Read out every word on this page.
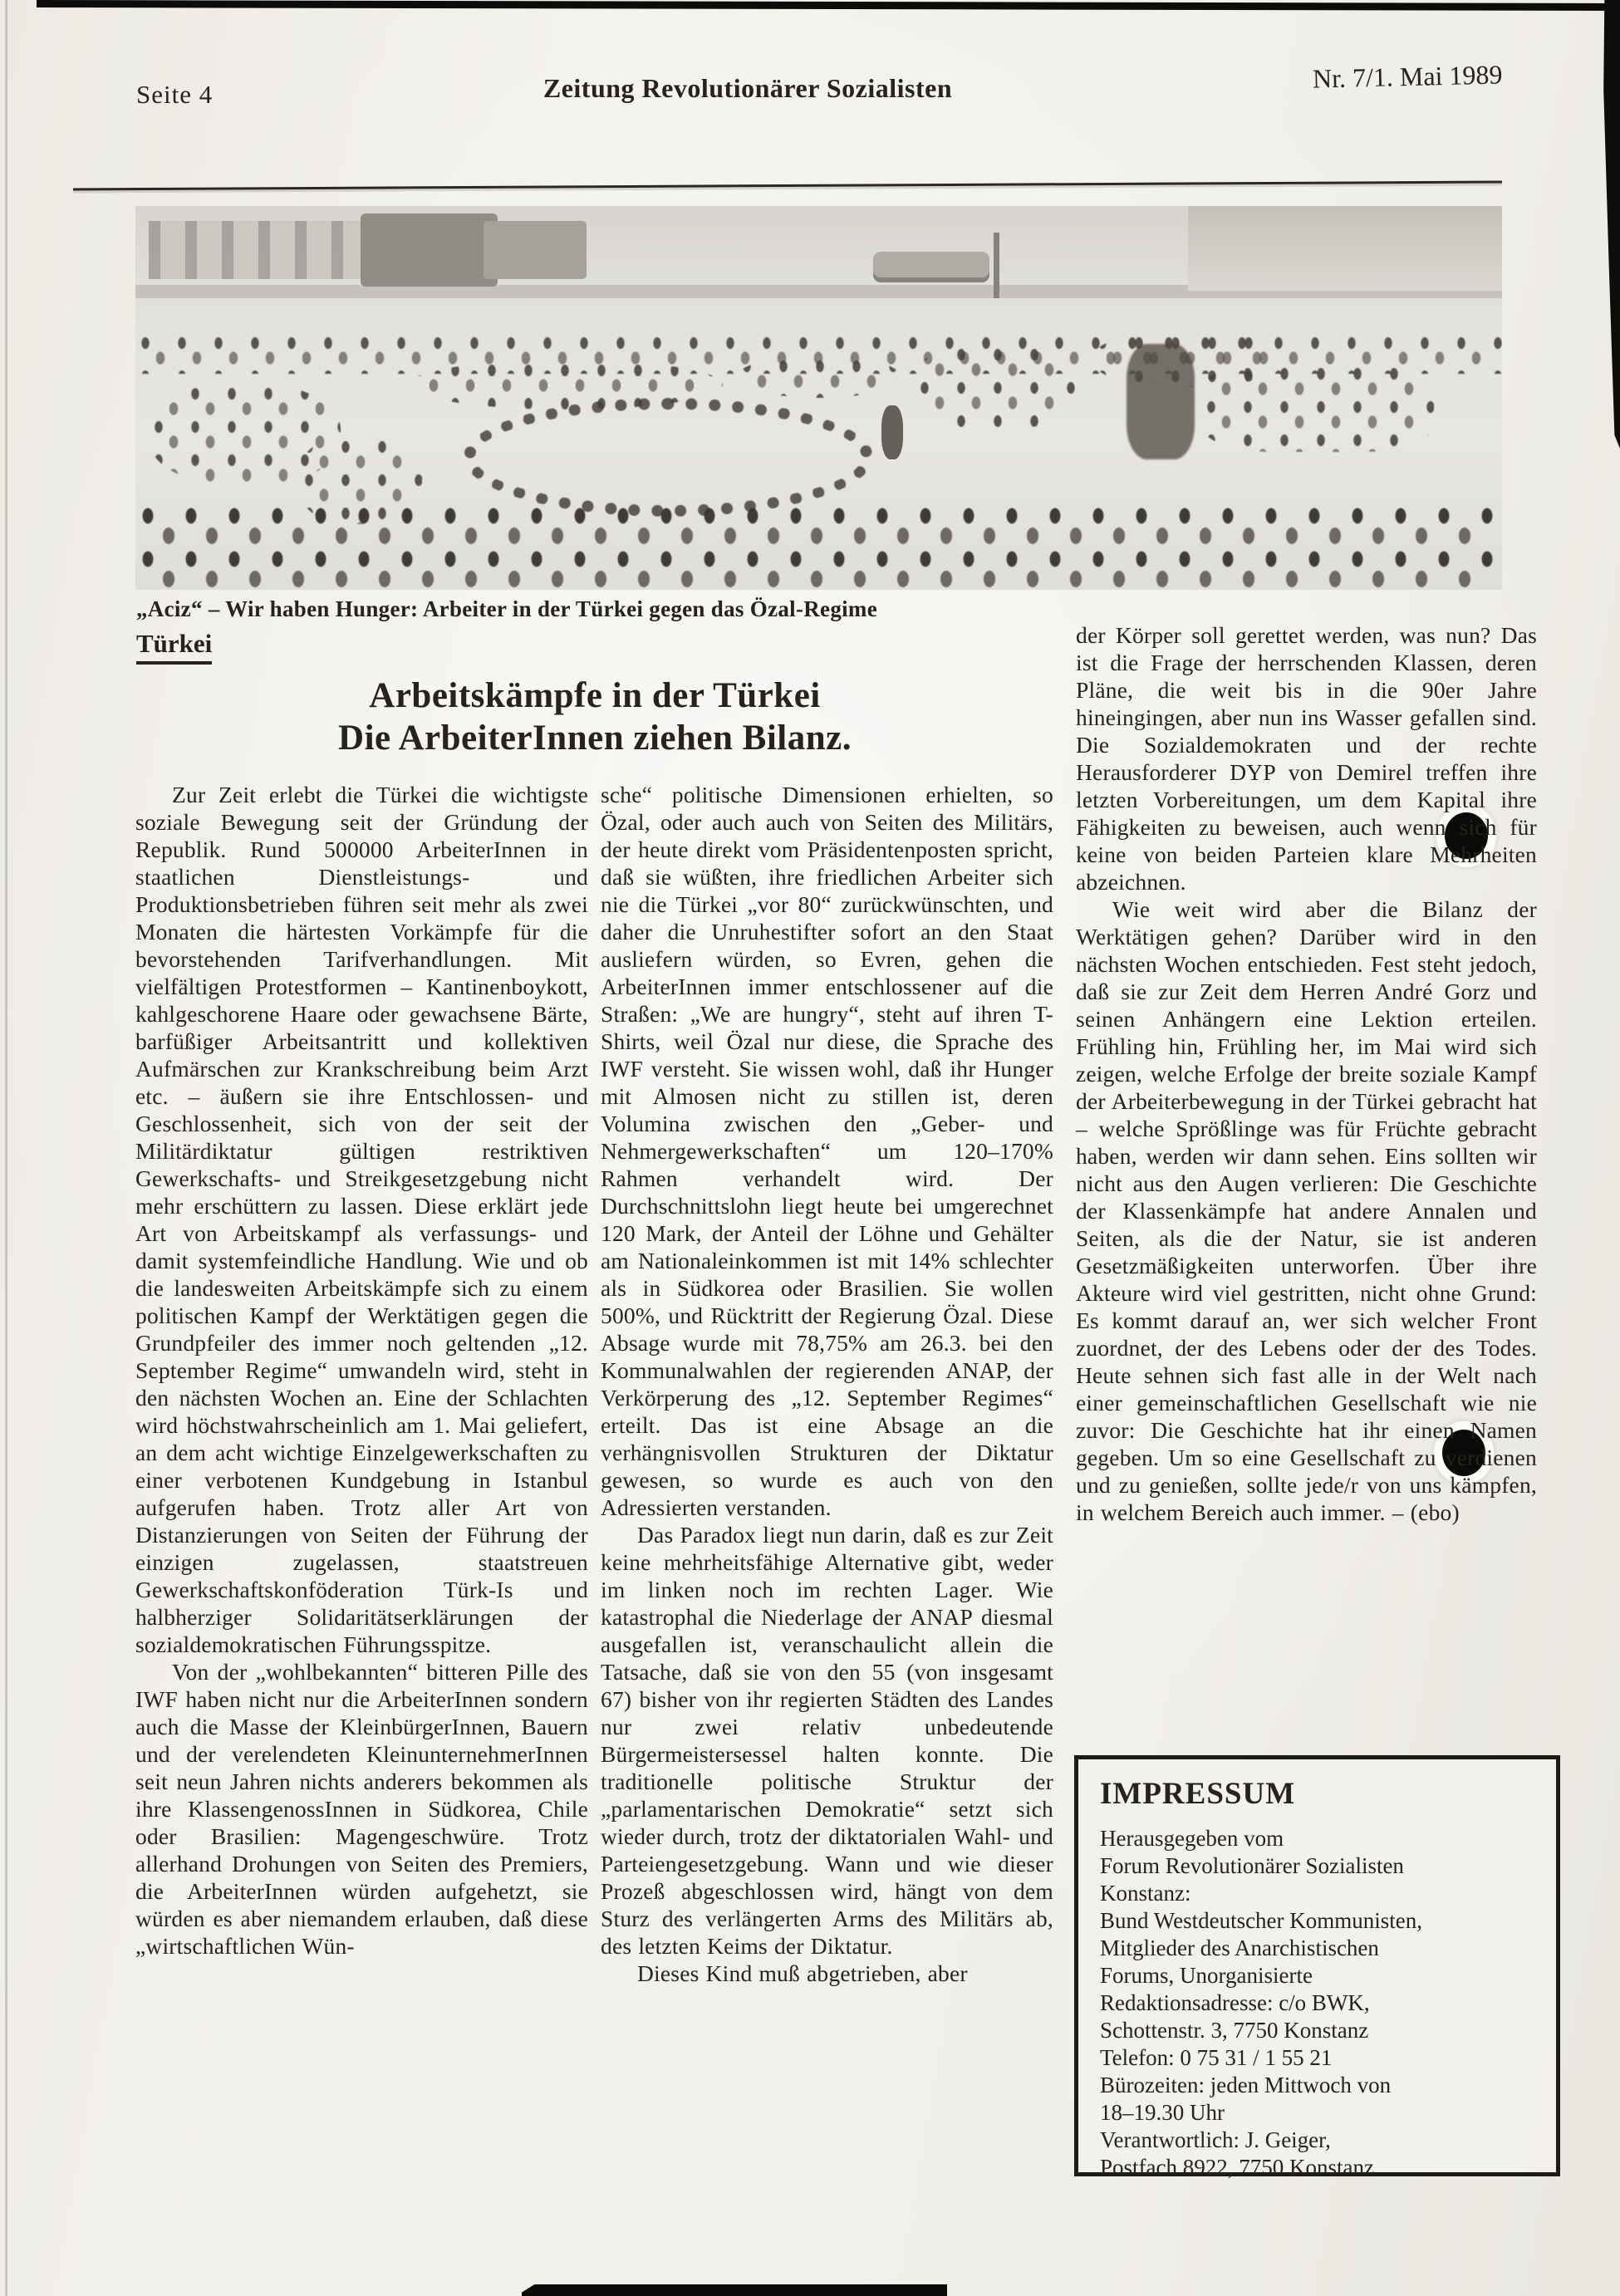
Seite 4	Zeitung Revolutionärer Sozialisten	Nr. 7/1. Mai 1989
„Aciz“ – Wir haben Hunger: Arbeiter in der Türkei gegen das Özal-Regime
Türkei
Arbeitskämpfe in der Türkei
Die ArbeiterInnen ziehen Bilanz.

Zur Zeit erlebt die Türkei die wichtigste soziale Bewegung seit der Gründung der Republik. Rund 500000 ArbeiterInnen in staatlichen Dienstleistungs- und Produktionsbetrieben führen seit mehr als zwei Monaten die härtesten Vorkämpfe für die bevorstehenden Tarifverhandlungen. Mit vielfältigen Protestformen – Kantinenboykott, kahlgeschorene Haare oder gewachsene Bärte, barfüßiger Arbeitsantritt und kollektiven Aufmärschen zur Krankschreibung beim Arzt etc. – äußern sie ihre Entschlossen- und Geschlossenheit, sich von der seit der Militärdiktatur gültigen restriktiven Gewerkschafts- und Streikgesetzgebung nicht mehr erschüttern zu lassen. Diese erklärt jede Art von Arbeitskampf als verfassungs- und damit systemfeindliche Handlung. Wie und ob die landesweiten Arbeitskämpfe sich zu einem politischen Kampf der Werktätigen gegen die Grundpfeiler des immer noch geltenden „12. September Regime“ umwandeln wird, steht in den nächsten Wochen an. Eine der Schlachten wird höchstwahrscheinlich am 1. Mai geliefert, an dem acht wichtige Einzelgewerkschaften zu einer verbotenen Kundgebung in Istanbul aufgerufen haben. Trotz aller Art von Distanzierungen von Seiten der Führung der einzigen zugelassen, staatstreuen Gewerkschaftskonföderation Türk-Is und halbherziger Solidaritätserklärungen der sozialdemokratischen Führungsspitze.

Von der „wohlbekannten“ bitteren Pille des IWF haben nicht nur die ArbeiterInnen sondern auch die Masse der KleinbürgerInnen, Bauern und der verelendeten KleinunternehmerInnen seit neun Jahren nichts anderers bekommen als ihre KlassengenossInnen in Südkorea, Chile oder Brasilien: Magengeschwüre. Trotz allerhand Drohungen von Seiten des Premiers, die ArbeiterInnen würden aufgehetzt, sie würden es aber niemandem erlauben, daß diese „wirtschaftlichen Wün-

sche“ politische Dimensionen erhielten, so Özal, oder auch auch von Seiten des Militärs, der heute direkt vom Präsidentenposten spricht, daß sie wüßten, ihre friedlichen Arbeiter sich nie die Türkei „vor 80“ zurückwünschten, und daher die Unruhestifter sofort an den Staat ausliefern würden, so Evren, gehen die ArbeiterInnen immer entschlossener auf die Straßen: „We are hungry“, steht auf ihren T-Shirts, weil Özal nur diese, die Sprache des IWF versteht. Sie wissen wohl, daß ihr Hunger mit Almosen nicht zu stillen ist, deren Volumina zwischen den „Geber- und Nehmergewerkschaften“ um 120–170% Rahmen verhandelt wird. Der Durchschnittslohn liegt heute bei umgerechnet 120 Mark, der Anteil der Löhne und Gehälter am Nationaleinkommen ist mit 14% schlechter als in Südkorea oder Brasilien. Sie wollen 500%, und Rücktritt der Regierung Özal. Diese Absage wurde mit 78,75% am 26.3. bei den Kommunalwahlen der regierenden ANAP, der Verkörperung des „12. September Regimes“ erteilt. Das ist eine Absage an die verhängnisvollen Strukturen der Diktatur gewesen, so wurde es auch von den Adressierten verstanden.

Das Paradox liegt nun darin, daß es zur Zeit keine mehrheitsfähige Alternative gibt, weder im linken noch im rechten Lager. Wie katastrophal die Niederlage der ANAP diesmal ausgefallen ist, veranschaulicht allein die Tatsache, daß sie von den 55 (von insgesamt 67) bisher von ihr regierten Städten des Landes nur zwei relativ unbedeutende Bürgermeistersessel halten konnte. Die traditionelle politische Struktur der „parlamentarischen Demokratie“ setzt sich wieder durch, trotz der diktatorialen Wahl- und Parteiengesetzgebung. Wann und wie dieser Prozeß abgeschlossen wird, hängt von dem Sturz des verlängerten Arms des Militärs ab, des letzten Keims der Diktatur.

Dieses Kind muß abgetrieben, aber

der Körper soll gerettet werden, was nun? Das ist die Frage der herrschenden Klassen, deren Pläne, die weit bis in die 90er Jahre hineingingen, aber nun ins Wasser gefallen sind. Die Sozialdemokraten und der rechte Herausforderer DYP von Demirel treffen ihre letzten Vorbereitungen, um dem Kapital ihre Fähigkeiten zu beweisen, auch wenn sich für keine von beiden Parteien klare Mehrheiten abzeichnen.

Wie weit wird aber die Bilanz der Werktätigen gehen? Darüber wird in den nächsten Wochen entschieden. Fest steht jedoch, daß sie zur Zeit dem Herren André Gorz und seinen Anhängern eine Lektion erteilen. Frühling hin, Frühling her, im Mai wird sich zeigen, welche Erfolge der breite soziale Kampf der Arbeiterbewegung in der Türkei gebracht hat – welche Sprößlinge was für Früchte gebracht haben, werden wir dann sehen. Eins sollten wir nicht aus den Augen verlieren: Die Geschichte der Klassenkämpfe hat andere Annalen und Seiten, als die der Natur, sie ist anderen Gesetzmäßigkeiten unterworfen. Über ihre Akteure wird viel gestritten, nicht ohne Grund: Es kommt darauf an, wer sich welcher Front zuordnet, der des Lebens oder der des Todes. Heute sehnen sich fast alle in der Welt nach einer gemeinschaftlichen Gesellschaft wie nie zuvor: Die Geschichte hat ihr einen Namen gegeben. Um so eine Gesellschaft zu verdienen und zu genießen, sollte jede/r von uns kämpfen, in welchem Bereich auch immer. – (ebo)

IMPRESSUM
Herausgegeben vom
Forum Revolutionärer Sozialisten
Konstanz:
Bund Westdeutscher Kommunisten,
Mitglieder des Anarchistischen
Forums, Unorganisierte
Redaktionsadresse: c/o BWK,
Schottenstr. 3, 7750 Konstanz
Telefon: 0 75 31 / 1 55 21
Bürozeiten: jeden Mittwoch von
18–19.30 Uhr
Verantwortlich: J. Geiger,
Postfach 8922, 7750 Konstanz
